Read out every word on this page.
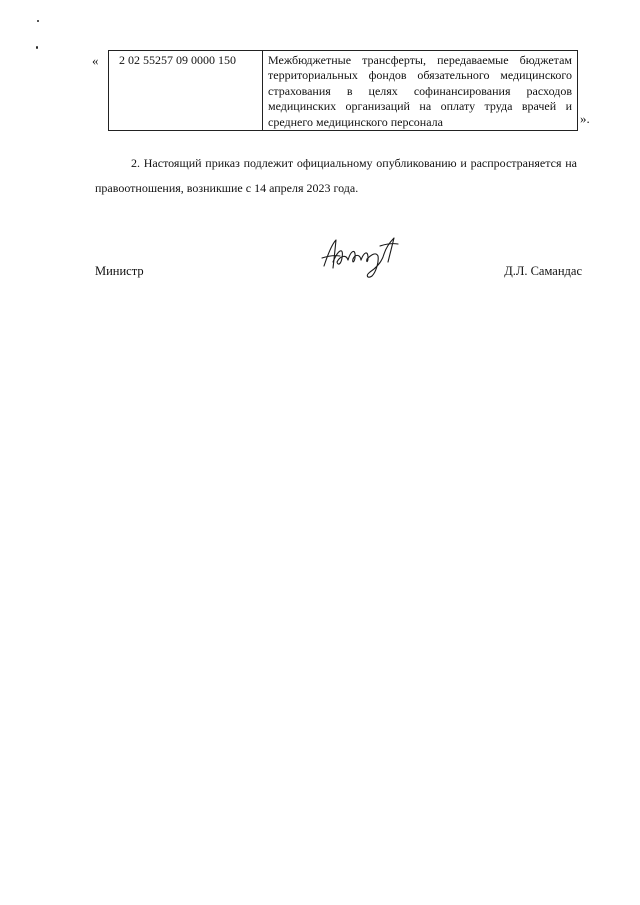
« 2 02 55257 09 0000 150	Межбюджетные трансферты, передаваемые бюджетам территориальных фондов обязательного медицинского страхования в целях софинансирования расходов медицинских организаций на оплату труда врачей и среднего медицинского персонала	».

2. Настоящий приказ подлежит официальному опубликованию и распространяется на правоотношения, возникшие с 14 апреля 2023 года.

Министр	Д.Л. Самандас
